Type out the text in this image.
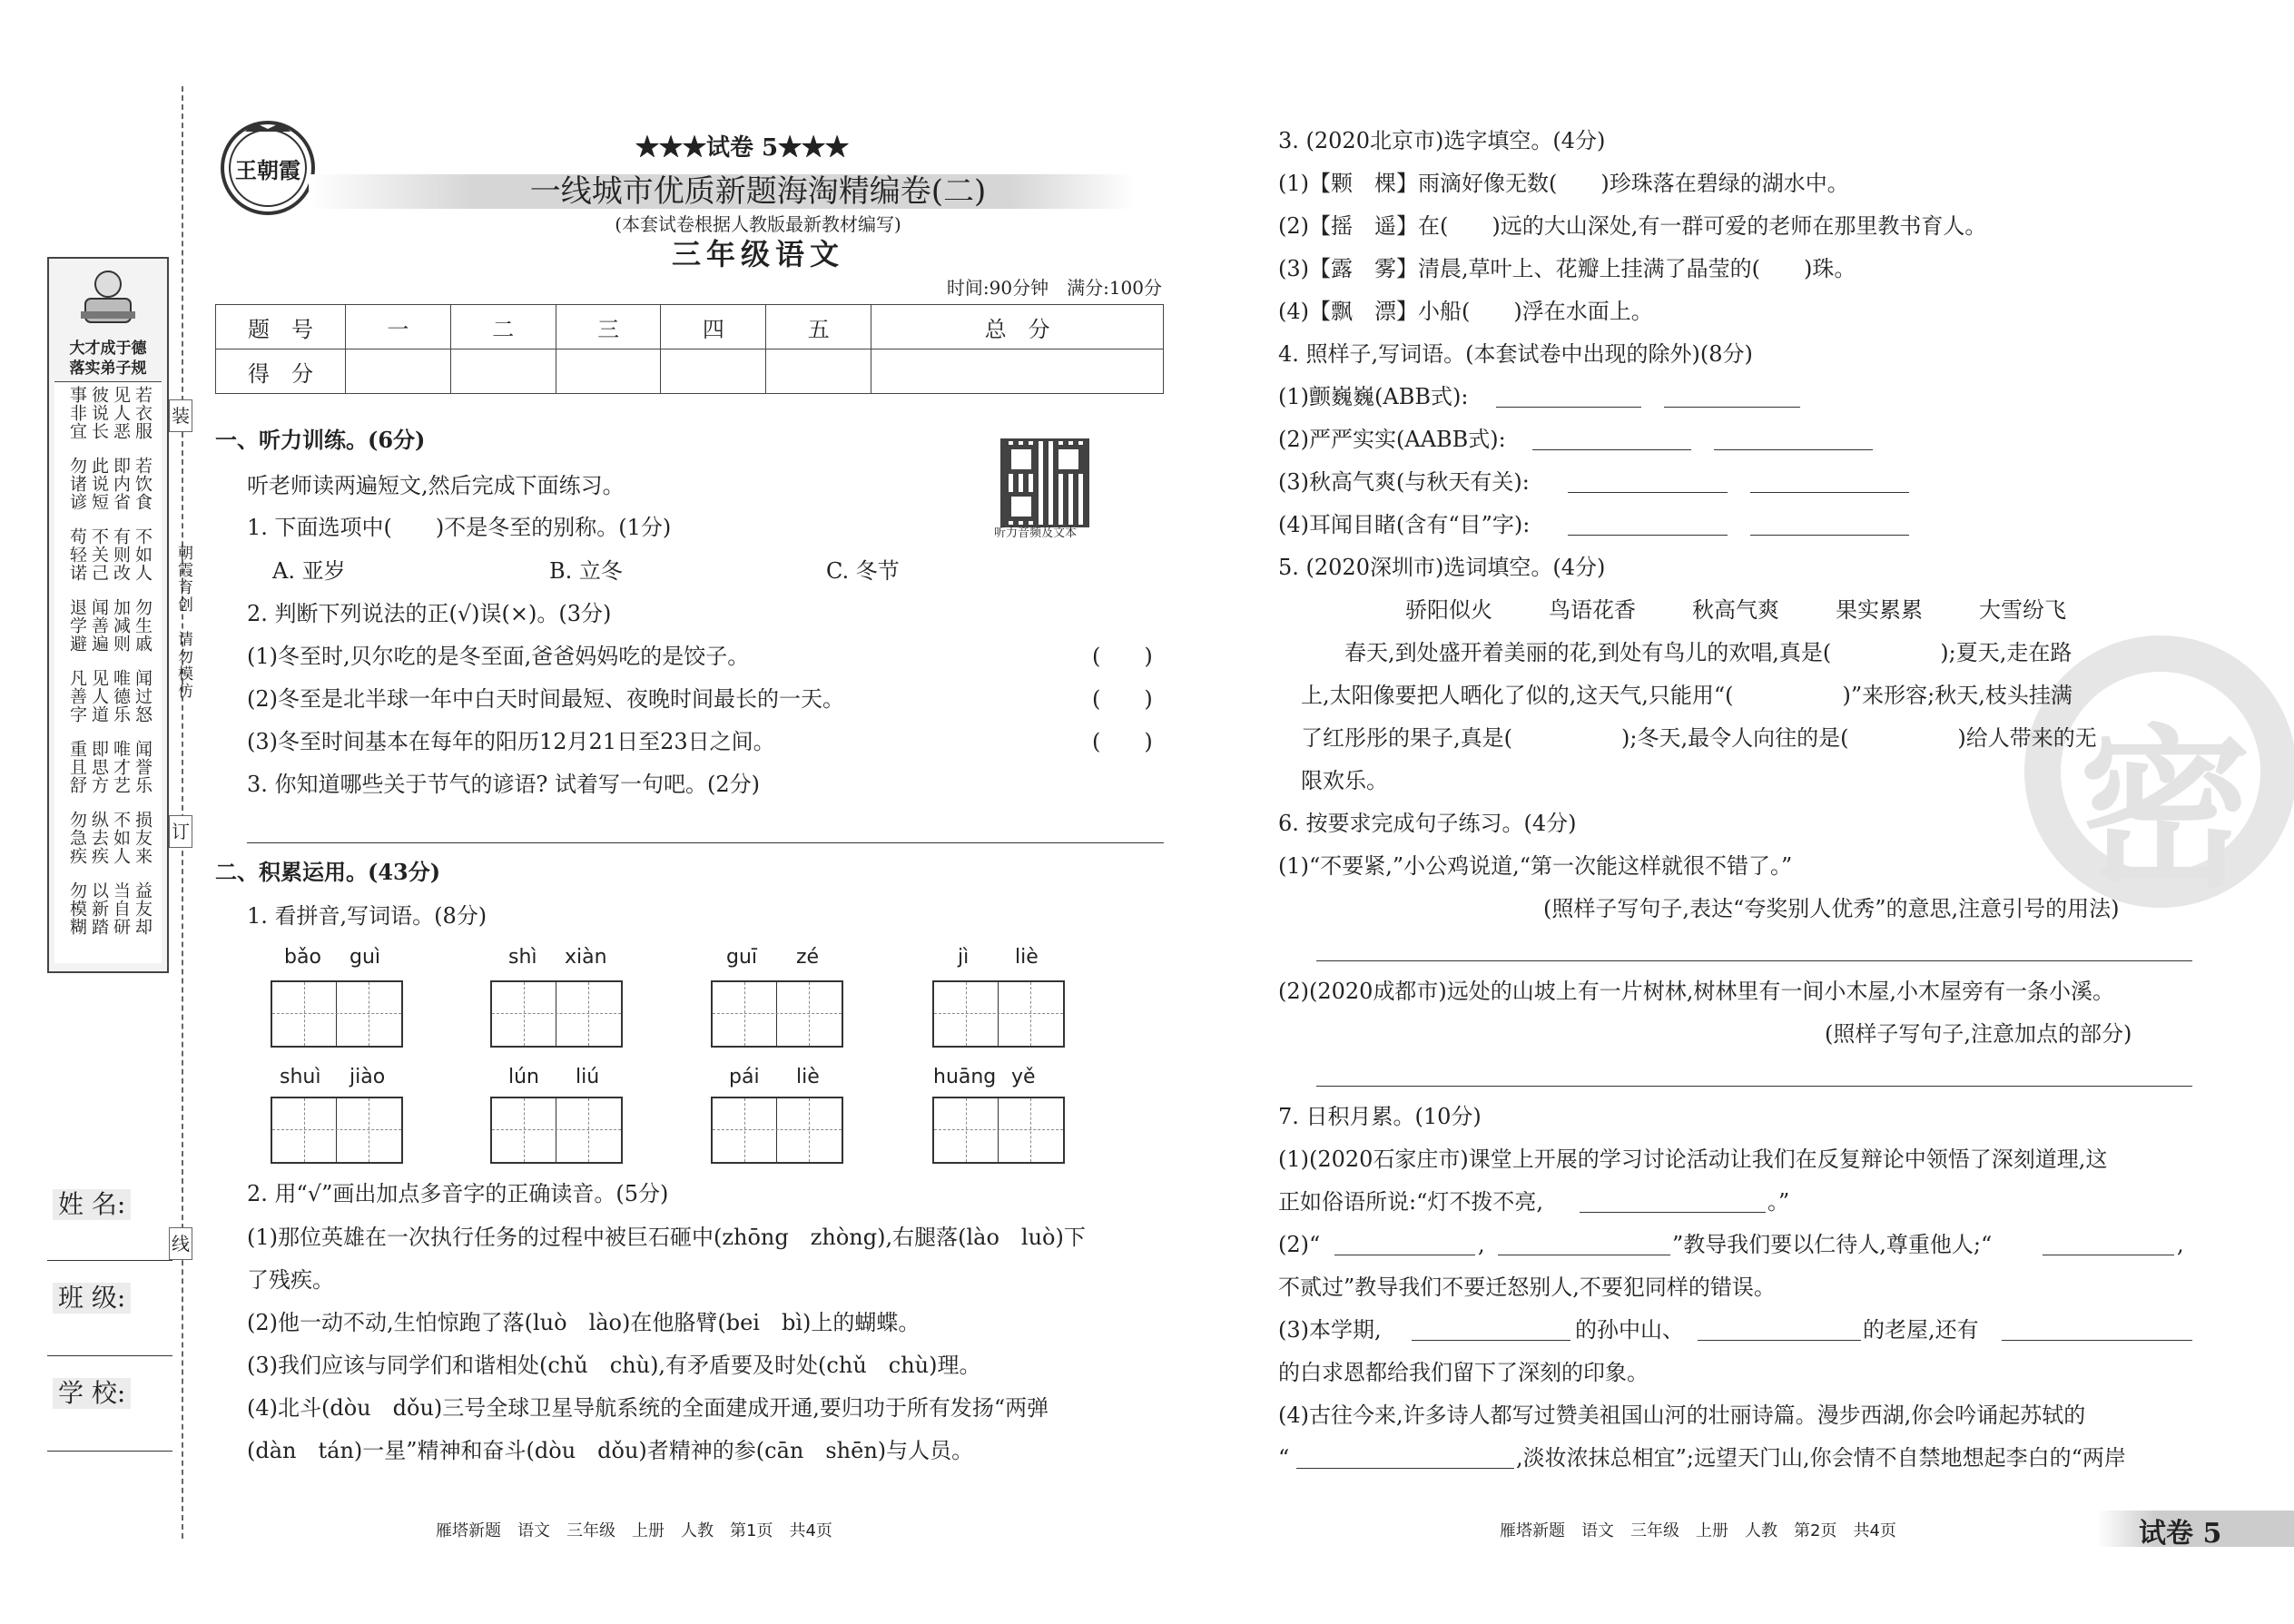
装
订
线
朝霞育创　请勿模仿
大才成于德
落实弟子规
若衣服
见人恶
彼说长
事非宜
若饮食
即内省
此说短
勿诸谚
不如人
有则改
不关己
苟轻诺
勿生戚
加减则
闻善遍
退学避
闻过怒
唯德乐
见人道
凡善字
闻誉乐
唯才艺
即思方
重且舒
损友来
不如人
纵去疾
勿急疾
益友却
当自研
以新踏
勿模糊
姓 名:
班 级:
学 校:
王朝霞
★★★试卷 5★★★
一线城市优质新题海淘精编卷(二)
(本套试卷根据人教版最新教材编写)
三年级语文
时间:90分钟　满分:100分
题　号	一	二	三	四	五	总　分
得　分						
听力音频及文本
一、听力训练。(6分)
听老师读两遍短文,然后完成下面练习。
1. 下面选项中(　　)不是冬至的别称。(1分)
A. 亚岁	B. 立冬	C. 冬节
2. 判断下列说法的正(√)误(×)。(3分)
(1)冬至时,贝尔吃的是冬至面,爸爸妈妈吃的是饺子。	(　　)
(2)冬至是北半球一年中白天时间最短、夜晚时间最长的一天。	(　　)
(3)冬至时间基本在每年的阳历12月21日至23日之间。	(　　)
3. 你知道哪些关于节气的谚语? 试着写一句吧。(2分)
二、积累运用。(43分)
1. 看拼音,写词语。(8分)
bǎo guì	shì xiàn	guī zé	jì liè
shuì jiào	lún liú	pái liè	huāng yě
2. 用“√”画出加点多音字的正确读音。(5分)
(1)那位英雄在一次执行任务的过程中被巨石砸中(zhōng　zhòng),右腿落(lào　luò)下
了残疾。
(2)他一动不动,生怕惊跑了落(luò　lào)在他胳臂(bei　bì)上的蝴蝶。
(3)我们应该与同学们和谐相处(chǔ　chù),有矛盾要及时处(chǔ　chù)理。
(4)北斗(dòu　dǒu)三号全球卫星导航系统的全面建成开通,要归功于所有发扬“两弹
(dàn　tán)一星”精神和奋斗(dòu　dǒu)者精神的参(cān　shēn)与人员。
雁塔新题　语文　三年级　上册　人教　第1页　共4页
密
3. (2020北京市)选字填空。(4分)
(1)【颗　棵】雨滴好像无数(　　)珍珠落在碧绿的湖水中。
(2)【摇　遥】在(　　)远的大山深处,有一群可爱的老师在那里教书育人。
(3)【露　雾】清晨,草叶上、花瓣上挂满了晶莹的(　　)珠。
(4)【飘　漂】小船(　　)浮在水面上。
4. 照样子,写词语。(本套试卷中出现的除外)(8分)
(1)颤巍巍(ABB式):
(2)严严实实(AABB式):
(3)秋高气爽(与秋天有关):
(4)耳闻目睹(含有“目”字):
5. (2020深圳市)选词填空。(4分)
骄阳似火	鸟语花香	秋高气爽	果实累累	大雪纷飞
　　春天,到处盛开着美丽的花,到处有鸟儿的欢唱,真是(　　　　　);夏天,走在路
上,太阳像要把人晒化了似的,这天气,只能用“(　　　　　)”来形容;秋天,枝头挂满
了红彤彤的果子,真是(　　　　　);冬天,最令人向往的是(　　　　　)给人带来的无
限欢乐。
6. 按要求完成句子练习。(4分)
(1)“不要紧,”小公鸡说道,“第一次能这样就很不错了。”
(照样子写句子,表达“夸奖别人优秀”的意思,注意引号的用法)
(2)(2020成都市)远处的山坡上有一片树林,树林里有一间小木屋,小木屋旁有一条小溪。
(照样子写句子,注意加点的部分)
7. 日积月累。(10分)
(1)(2020石家庄市)课堂上开展的学习讨论活动让我们在反复辩论中领悟了深刻道理,这
正如俗语所说:“灯不拨不亮,	。”
(2)“	,	”教导我们要以仁待人,尊重他人;“	,
不贰过”教导我们不要迁怒别人,不要犯同样的错误。
(3)本学期,	的孙中山、	的老屋,还有
的白求恩都给我们留下了深刻的印象。
(4)古往今来,许多诗人都写过赞美祖国山河的壮丽诗篇。漫步西湖,你会吟诵起苏轼的
“	,淡妆浓抹总相宜”;远望天门山,你会情不自禁地想起李白的“两岸
雁塔新题　语文　三年级　上册　人教　第2页　共4页	试卷 5
